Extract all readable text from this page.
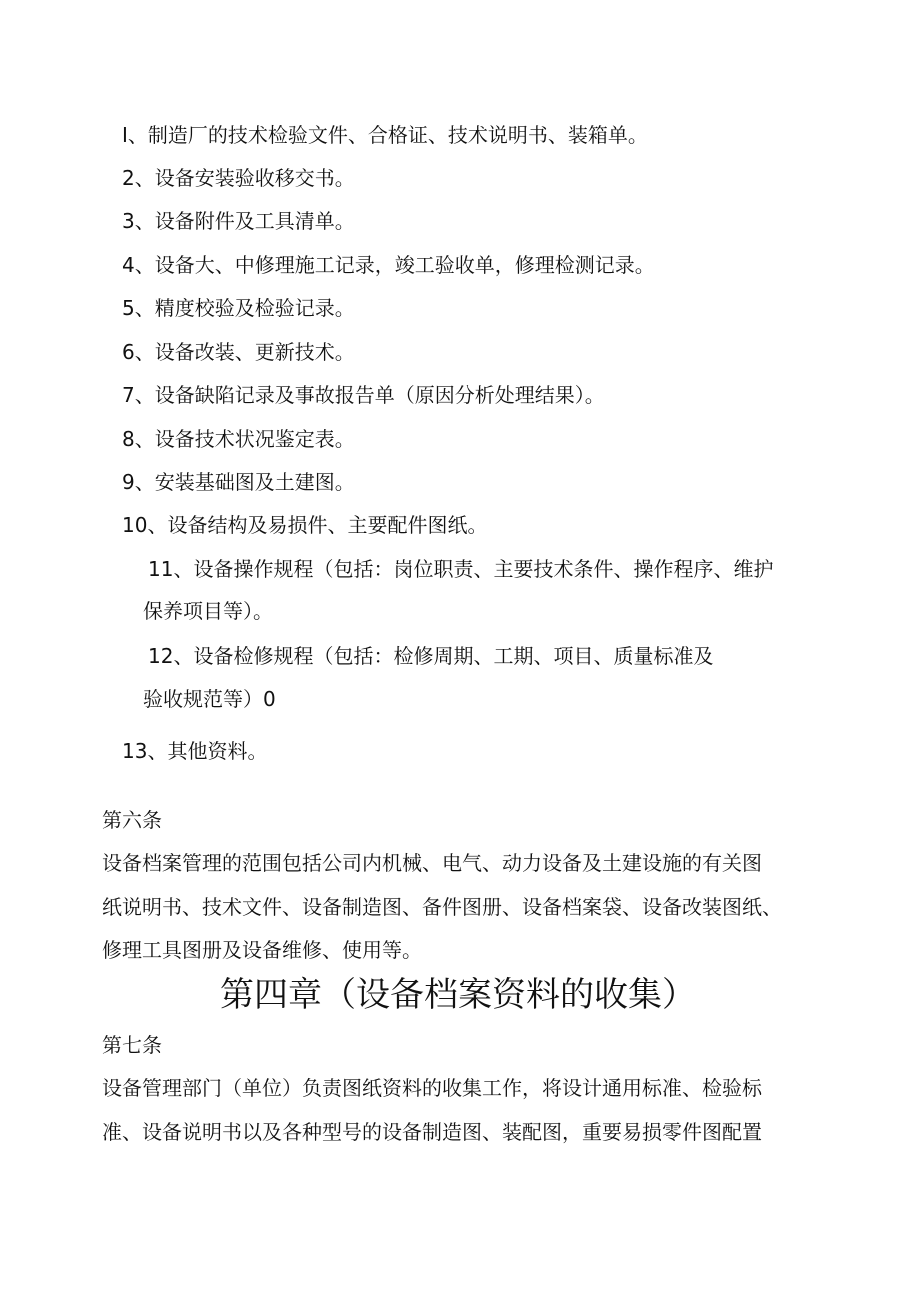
I、制造厂的技术检验文件、合格证、技术说明书、装箱单。
2、设备安装验收移交书。
3、设备附件及工具清单。
4、设备大、中修理施工记录，竣工验收单，修理检测记录。
5、精度校验及检验记录。
6、设备改装、更新技术。
7、设备缺陷记录及事故报告单（原因分析处理结果）。
8、设备技术状况鉴定表。
9、安装基础图及土建图。
10、设备结构及易损件、主要配件图纸。
11、设备操作规程（包括：岗位职责、主要技术条件、操作程序、维护
保养项目等）。
12、设备检修规程（包括：检修周期、工期、项目、质量标准及
验收规范等）0
13、其他资料。
第六条
设备档案管理的范围包括公司内机械、电气、动力设备及土建设施的有关图
纸说明书、技术文件、设备制造图、备件图册、设备档案袋、设备改装图纸、
修理工具图册及设备维修、使用等。
第四章（设备档案资料的收集）
第七条
设备管理部门（单位）负责图纸资料的收集工作，将设计通用标准、检验标
准、设备说明书以及各种型号的设备制造图、装配图，重要易损零件图配置
